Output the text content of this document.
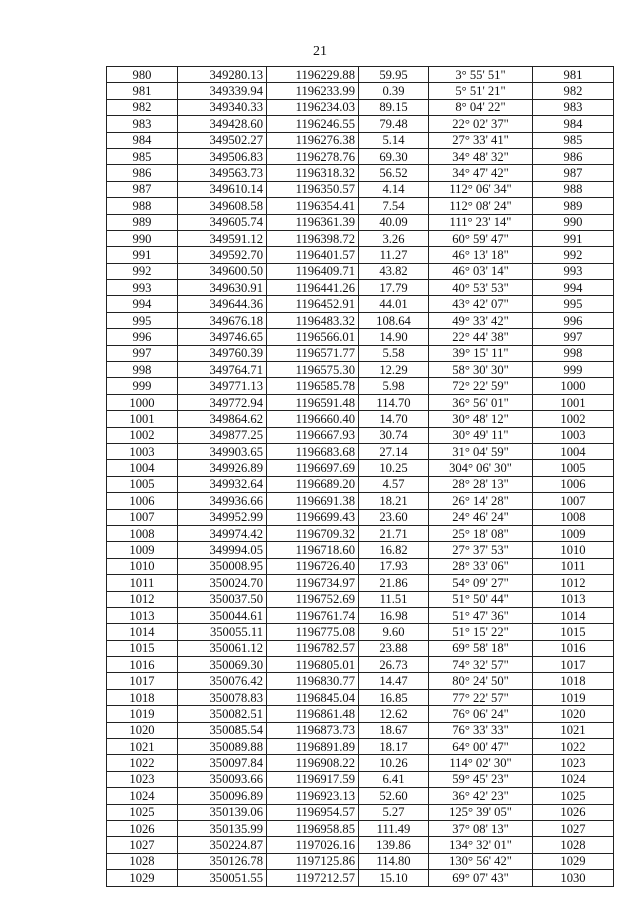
21
980	349280.13	1196229.88	59.95	3° 55' 51"	981
981	349339.94	1196233.99	0.39	5° 51' 21"	982
982	349340.33	1196234.03	89.15	8° 04' 22"	983
983	349428.60	1196246.55	79.48	22° 02' 37"	984
984	349502.27	1196276.38	5.14	27° 33' 41"	985
985	349506.83	1196278.76	69.30	34° 48' 32"	986
986	349563.73	1196318.32	56.52	34° 47' 42"	987
987	349610.14	1196350.57	4.14	112° 06' 34"	988
988	349608.58	1196354.41	7.54	112° 08' 24"	989
989	349605.74	1196361.39	40.09	111° 23' 14"	990
990	349591.12	1196398.72	3.26	60° 59' 47"	991
991	349592.70	1196401.57	11.27	46° 13' 18"	992
992	349600.50	1196409.71	43.82	46° 03' 14"	993
993	349630.91	1196441.26	17.79	40° 53' 53"	994
994	349644.36	1196452.91	44.01	43° 42' 07"	995
995	349676.18	1196483.32	108.64	49° 33' 42"	996
996	349746.65	1196566.01	14.90	22° 44' 38"	997
997	349760.39	1196571.77	5.58	39° 15' 11"	998
998	349764.71	1196575.30	12.29	58° 30' 30"	999
999	349771.13	1196585.78	5.98	72° 22' 59"	1000
1000	349772.94	1196591.48	114.70	36° 56' 01"	1001
1001	349864.62	1196660.40	14.70	30° 48' 12"	1002
1002	349877.25	1196667.93	30.74	30° 49' 11"	1003
1003	349903.65	1196683.68	27.14	31° 04' 59"	1004
1004	349926.89	1196697.69	10.25	304° 06' 30"	1005
1005	349932.64	1196689.20	4.57	28° 28' 13"	1006
1006	349936.66	1196691.38	18.21	26° 14' 28"	1007
1007	349952.99	1196699.43	23.60	24° 46' 24"	1008
1008	349974.42	1196709.32	21.71	25° 18' 08"	1009
1009	349994.05	1196718.60	16.82	27° 37' 53"	1010
1010	350008.95	1196726.40	17.93	28° 33' 06"	1011
1011	350024.70	1196734.97	21.86	54° 09' 27"	1012
1012	350037.50	1196752.69	11.51	51° 50' 44"	1013
1013	350044.61	1196761.74	16.98	51° 47' 36"	1014
1014	350055.11	1196775.08	9.60	51° 15' 22"	1015
1015	350061.12	1196782.57	23.88	69° 58' 18"	1016
1016	350069.30	1196805.01	26.73	74° 32' 57"	1017
1017	350076.42	1196830.77	14.47	80° 24' 50"	1018
1018	350078.83	1196845.04	16.85	77° 22' 57"	1019
1019	350082.51	1196861.48	12.62	76° 06' 24"	1020
1020	350085.54	1196873.73	18.67	76° 33' 33"	1021
1021	350089.88	1196891.89	18.17	64° 00' 47"	1022
1022	350097.84	1196908.22	10.26	114° 02' 30"	1023
1023	350093.66	1196917.59	6.41	59° 45' 23"	1024
1024	350096.89	1196923.13	52.60	36° 42' 23"	1025
1025	350139.06	1196954.57	5.27	125° 39' 05"	1026
1026	350135.99	1196958.85	111.49	37° 08' 13"	1027
1027	350224.87	1197026.16	139.86	134° 32' 01"	1028
1028	350126.78	1197125.86	114.80	130° 56' 42"	1029
1029	350051.55	1197212.57	15.10	69° 07' 43"	1030
